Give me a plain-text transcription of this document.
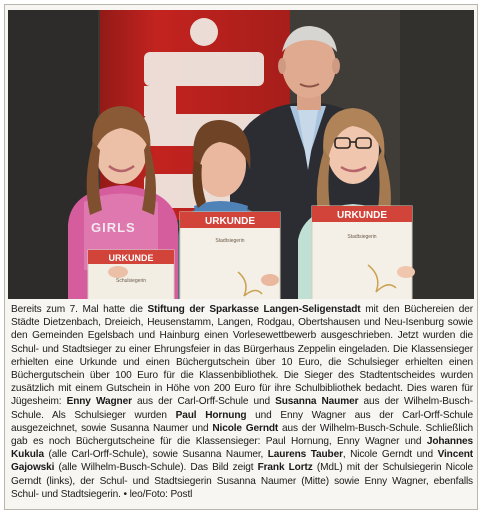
GIRLS
URKUNDE
Schulsiegerin
URKUNDE
Stadtsiegerin
URKUNDE
Stadtsiegerin
Bereits zum 7. Mal hatte die Stiftung der Sparkasse Langen-Seligenstadt mit den Büchereien der Städte Dietzenbach, Dreieich, Heusenstamm, Langen, Rodgau, Obertshausen und Neu-Isenburg sowie den Gemeinden Egelsbach und Hainburg einen Vorlesewettbewerb ausgeschrieben. Jetzt wurden die Schul- und Stadtsieger zu einer Ehrungsfeier in das Bürgerhaus Zeppelin eingeladen. Die Klassensieger erhielten eine Urkunde und einen Büchergutschein über 10 Euro, die Schulsieger erhielten einen Büchergutschein über 100 Euro für die Klassenbibliothek. Die Sieger des Stadtentscheides wurden zusätzlich mit einem Gutschein in Höhe von 200 Euro für ihre Schulbibliothek bedacht. Dies waren für Jügesheim: Enny Wagner aus der Carl-Orff-Schule und Susanna Naumer aus der Wilhelm-Busch-Schule. Als Schulsieger wurden Paul Hornung und Enny Wagner aus der Carl-Orff-Schule ausgezeichnet, sowie Susanna Naumer und Nicole Gerndt aus der Wilhelm-Busch-Schule. Schließlich gab es noch Büchergutscheine für die Klassensieger: Paul Hornung, Enny Wagner und Johannes Kukula (alle Carl-Orff-Schule), sowie Susanna Naumer, Laurens Tauber, Nicole Gerndt und Vincent Gajowski (alle Wilhelm-Busch-Schule). Das Bild zeigt Frank Lortz (MdL) mit der Schulsiegerin Nicole Gerndt (links), der Schul- und Stadtsiegerin Susanna Naumer (Mitte) sowie Enny Wagner, ebenfalls Schul- und Stadtsiegerin. • leo/Foto: Postl
